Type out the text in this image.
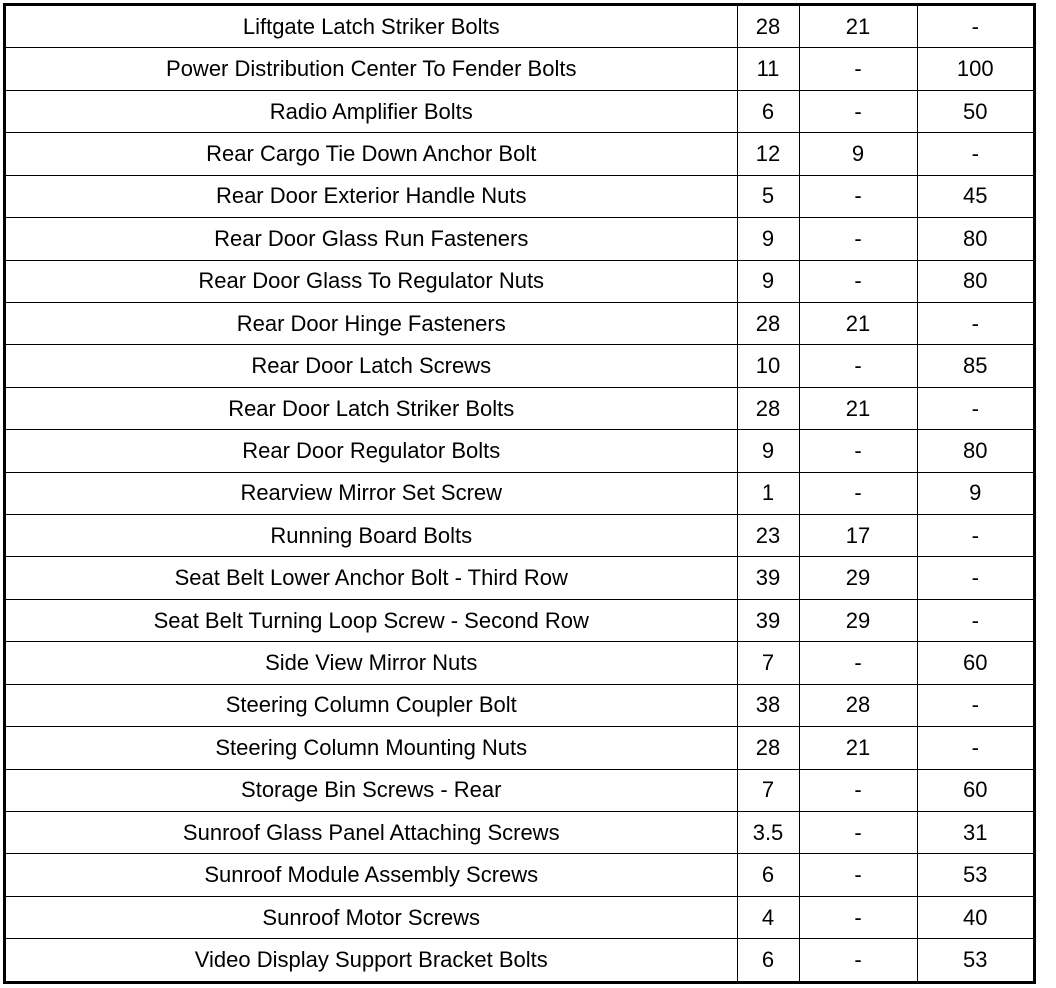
Liftgate Latch Striker Bolts	28	21	-
Power Distribution Center To Fender Bolts	11	-	100
Radio Amplifier Bolts	6	-	50
Rear Cargo Tie Down Anchor Bolt	12	9	-
Rear Door Exterior Handle Nuts	5	-	45
Rear Door Glass Run Fasteners	9	-	80
Rear Door Glass To Regulator Nuts	9	-	80
Rear Door Hinge Fasteners	28	21	-
Rear Door Latch Screws	10	-	85
Rear Door Latch Striker Bolts	28	21	-
Rear Door Regulator Bolts	9	-	80
Rearview Mirror Set Screw	1	-	9
Running Board Bolts	23	17	-
Seat Belt Lower Anchor Bolt - Third Row	39	29	-
Seat Belt Turning Loop Screw - Second Row	39	29	-
Side View Mirror Nuts	7	-	60
Steering Column Coupler Bolt	38	28	-
Steering Column Mounting Nuts	28	21	-
Storage Bin Screws - Rear	7	-	60
Sunroof Glass Panel Attaching Screws	3.5	-	31
Sunroof Module Assembly Screws	6	-	53
Sunroof Motor Screws	4	-	40
Video Display Support Bracket Bolts	6	-	53
